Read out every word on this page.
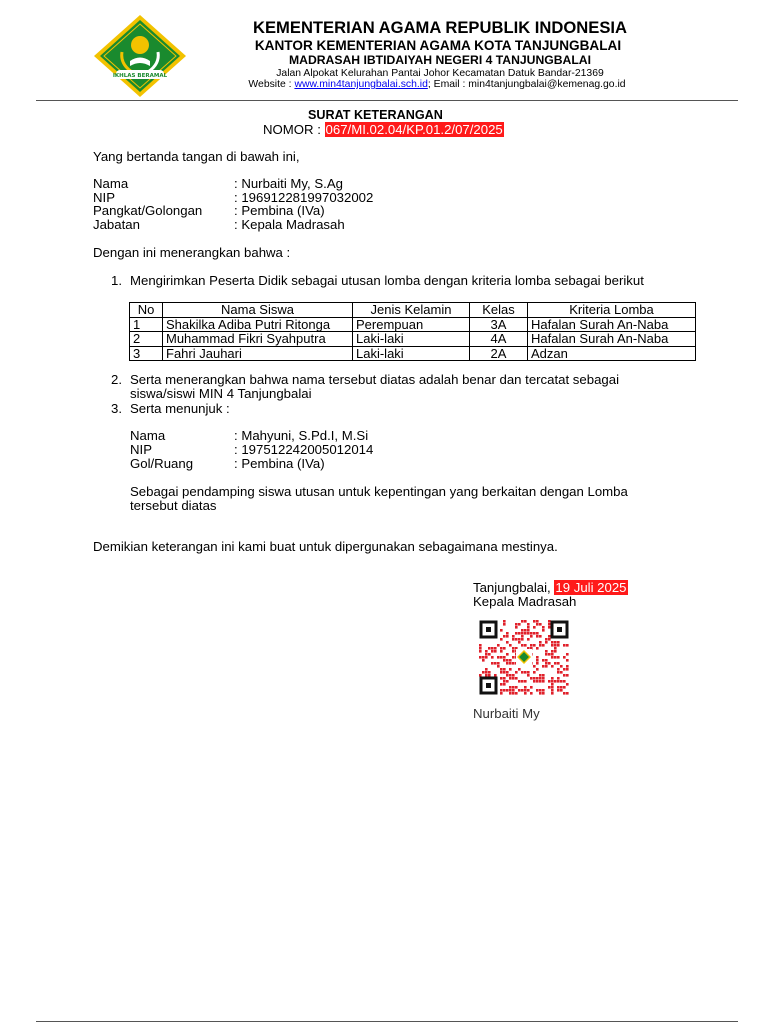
IKHLAS BERAMAL
KEMENTERIAN AGAMA REPUBLIK INDONESIA
KANTOR KEMENTERIAN AGAMA KOTA TANJUNGBALAI
MADRASAH IBTIDAIYAH NEGERI 4 TANJUNGBALAI
Jalan Alpokat Kelurahan Pantai Johor Kecamatan Datuk Bandar-21369
Website : www.min4tanjungbalai.sch.id; Email : min4tanjungbalai@kemenag.go.id
SURAT KETERANGAN
NOMOR : 067/MI.02.04/KP.01.2/07/2025
Yang bertanda tangan di bawah ini,
Nama	: Nurbaiti My, S.Ag
NIP	: 196912281997032002
Pangkat/Golongan : Pembina (IVa)
Jabatan	: Kepala Madrasah
Dengan ini menerangkan bahwa :
1. Mengirimkan Peserta Didik sebagai utusan lomba dengan kriteria lomba sebagai berikut
No	Nama Siswa	Jenis Kelamin	Kelas	Kriteria Lomba
1	Shakilka Adiba Putri Ritonga	Perempuan	3A	Hafalan Surah An-Naba
2	Muhammad Fikri Syahputra	Laki-laki	4A	Hafalan Surah An-Naba
3	Fahri Jauhari	Laki-laki	2A	Adzan
2. Serta menerangkan bahwa nama tersebut diatas adalah benar dan tercatat sebagai
siswa/siswi MIN 4 Tanjungbalai
3. Serta menunjuk :
Nama	: Mahyuni, S.Pd.I, M.Si
NIP	: 197512242005012014
Gol/Ruang	: Pembina (IVa)
Sebagai pendamping siswa utusan untuk kepentingan yang berkaitan dengan Lomba
tersebut diatas
Demikian keterangan ini kami buat untuk dipergunakan sebagaimana mestinya.
Tanjungbalai, 19 Juli 2025
Kepala Madrasah
Nurbaiti My
